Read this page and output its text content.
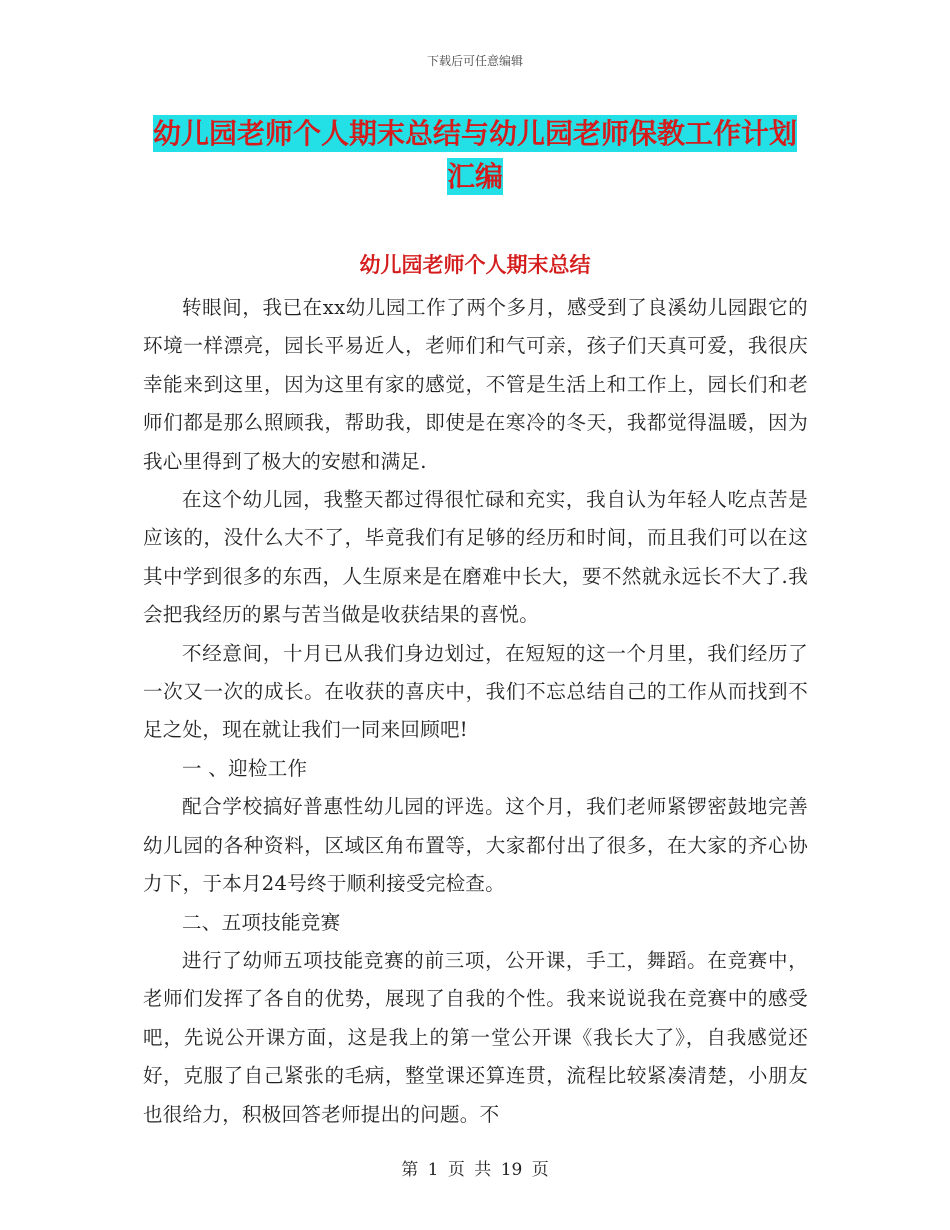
下载后可任意编辑
幼儿园老师个人期末总结与幼儿园老师保教工作计划
汇编
幼儿园老师个人期末总结

转眼间，我已在xx幼儿园工作了两个多月，感受到了良溪幼儿园跟它的环境一样漂亮，园长平易近人，老师们和气可亲，孩子们天真可爱，我很庆幸能来到这里，因为这里有家的感觉，不管是生活上和工作上，园长们和老师们都是那么照顾我，帮助我，即使是在寒冷的冬天，我都觉得温暖，因为我心里得到了极大的安慰和满足.

在这个幼儿园，我整天都过得很忙碌和充实，我自认为年轻人吃点苦是应该的，没什么大不了，毕竟我们有足够的经历和时间，而且我们可以在这其中学到很多的东西，人生原来是在磨难中长大，要不然就永远长不大了.我会把我经历的累与苦当做是收获结果的喜悦。

不经意间，十月已从我们身边划过，在短短的这一个月里，我们经历了一次又一次的成长。在收获的喜庆中，我们不忘总结自己的工作从而找到不足之处，现在就让我们一同来回顾吧!

一 、迎检工作

配合学校搞好普惠性幼儿园的评选。这个月，我们老师紧锣密鼓地完善幼儿园的各种资料，区域区角布置等，大家都付出了很多，在大家的齐心协力下，于本月24号终于顺利接受完检查。

二、五项技能竞赛

进行了幼师五项技能竞赛的前三项，公开课，手工，舞蹈。在竞赛中，老师们发挥了各自的优势，展现了自我的个性。我来说说我在竞赛中的感受吧，先说公开课方面，这是我上的第一堂公开课《我长大了》，自我感觉还好，克服了自己紧张的毛病，整堂课还算连贯，流程比较紧凑清楚，小朋友也很给力，积极回答老师提出的问题。不

第 1 页 共 19 页
